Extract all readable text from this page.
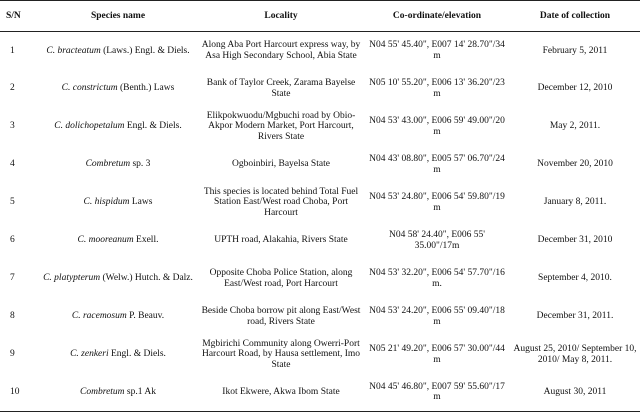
S/N	Species name	Locality	Co-ordinate/elevation	Date of collection
1	C. bracteatum (Laws.) Engl. & Diels.	Along Aba Port Harcourt express way, by Asa High Secondary School, Abia State	N04 55' 45.40", E007 14' 28.70"/34 m	February 5, 2011
2	C. constrictum (Benth.) Laws	Bank of Taylor Creek, Zarama Bayelse State	N05 10' 55.20", E006 13' 36.20"/23 m	December 12, 2010
3	C. dolichopetalum Engl. & Diels.	Elikpokwuodu/Mgbuchi road by Obio-Akpor Modern Market, Port Harcourt, Rivers State	N04 53' 43.00", E006 59' 49.00"/20 m	May 2, 2011.
4	Combretum sp. 3	Ogboinbiri, Bayelsa State	N04 43' 08.80", E005 57' 06.70"/24 m	November 20, 2010
5	C. hispidum Laws	This species is located behind Total Fuel Station East/West road Choba, Port Harcourt	N04 53' 24.80", E006 54' 59.80"/19 m	January 8, 2011.
6	C. mooreanum Exell.	UPTH road, Alakahia, Rivers State	N04 58' 24.40", E006 55' 35.00"/17m	December 31, 2010
7	C. platypterum (Welw.) Hutch. & Dalz.	Opposite Choba Police Station, along East/West road, Port Harcourt	N04 53' 32.20", E006 54' 57.70"/16 m.	September 4, 2010.
8	C. racemosum P. Beauv.	Beside Choba borrow pit along East/West road, Rivers State	N04 53' 24.20", E006 55' 09.40"/18 m	December 31, 2011.
9	C. zenkeri Engl. & Diels.	Mgbirichi Community along Owerri-Port Harcourt Road, by Hausa settlement, Imo State	N05 21' 49.20", E006 57' 30.00"/44 m	August 25, 2010/ September 10, 2010/ May 8, 2011.
10	Combretum sp.1 Ak	Ikot Ekwere, Akwa Ibom State	N04 45' 46.80", E007 59' 55.60"/17 m	August 30, 2011
